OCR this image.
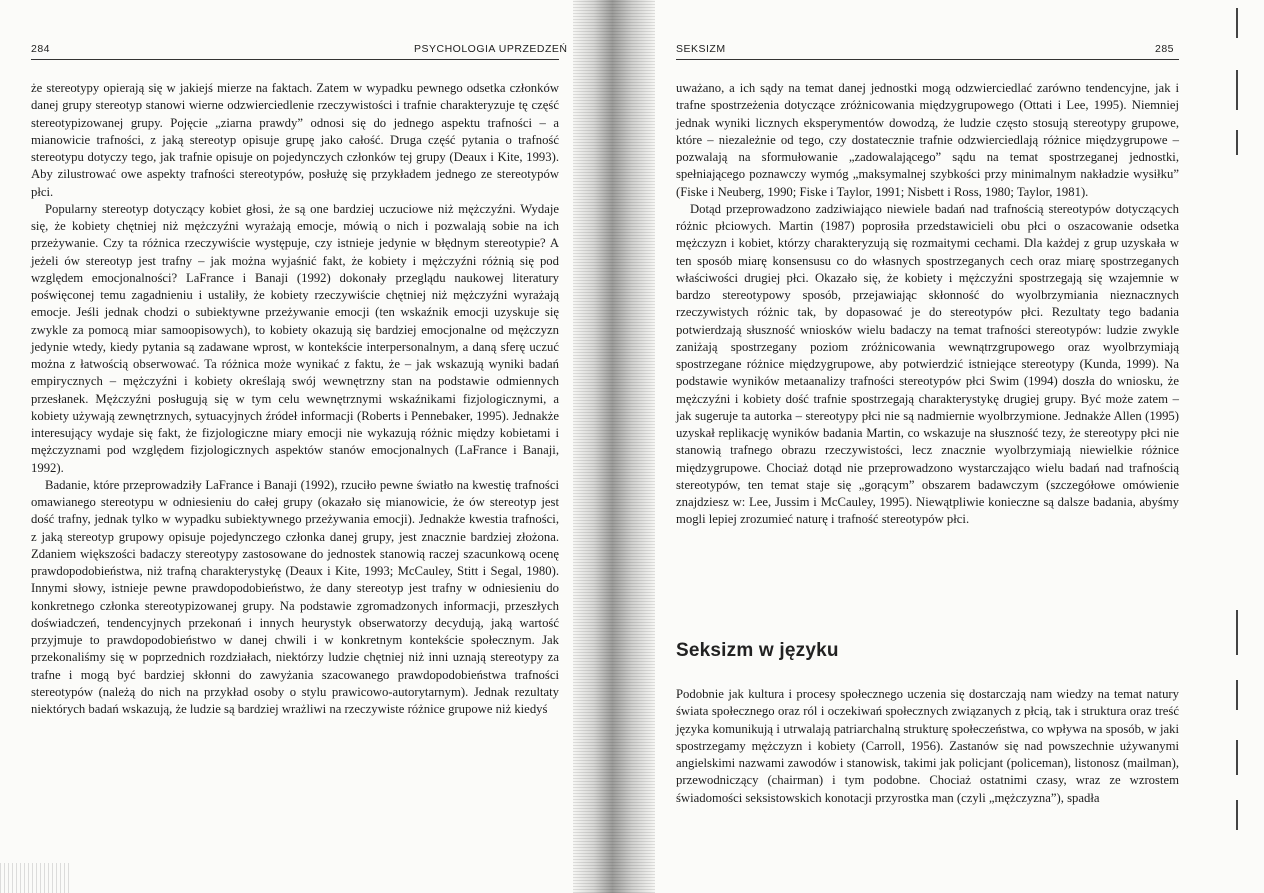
284	PSYCHOLOGIA UPRZEDZEŃ

że stereotypy opierają się w jakiejś mierze na faktach. Zatem w wypadku pewnego odsetka członków danej grupy stereotyp stanowi wierne odzwierciedlenie rzeczywistości i trafnie charakteryzuje tę część stereotypizowanej grupy. Pojęcie „ziarna prawdy” odnosi się do jednego aspektu trafności – a mianowicie trafności, z jaką stereotyp opisuje grupę jako całość. Druga część pytania o trafność stereotypu dotyczy tego, jak trafnie opisuje on pojedynczych członków tej grupy (Deaux i Kite, 1993). Aby zilustrować owe aspekty trafności stereotypów, posłużę się przykładem jednego ze stereotypów płci.

Popularny stereotyp dotyczący kobiet głosi, że są one bardziej uczuciowe niż mężczyźni. Wydaje się, że kobiety chętniej niż mężczyźni wyrażają emocje, mówią o nich i pozwalają sobie na ich przeżywanie. Czy ta różnica rzeczywiście występuje, czy istnieje jedynie w błędnym stereotypie? A jeżeli ów stereotyp jest trafny – jak można wyjaśnić fakt, że kobiety i mężczyźni różnią się pod względem emocjonalności? LaFrance i Banaji (1992) dokonały przeglądu naukowej literatury poświęconej temu zagadnieniu i ustaliły, że kobiety rzeczywiście chętniej niż mężczyźni wyrażają emocje. Jeśli jednak chodzi o subiektywne przeżywanie emocji (ten wskaźnik emocji uzyskuje się zwykle za pomocą miar samoopisowych), to kobiety okazują się bardziej emocjonalne od mężczyzn jedynie wtedy, kiedy pytania są zadawane wprost, w kontekście interpersonalnym, a daną sferę uczuć można z łatwością obserwować. Ta różnica może wynikać z faktu, że – jak wskazują wyniki badań empirycznych – mężczyźni i kobiety określają swój wewnętrzny stan na podstawie odmiennych przesłanek. Mężczyźni posługują się w tym celu wewnętrznymi wskaźnikami fizjologicznymi, a kobiety używają zewnętrznych, sytuacyjnych źródeł informacji (Roberts i Pennebaker, 1995). Jednakże interesujący wydaje się fakt, że fizjologiczne miary emocji nie wykazują różnic między kobietami i mężczyznami pod względem fizjologicznych aspektów stanów emocjonalnych (LaFrance i Banaji, 1992).

Badanie, które przeprowadziły LaFrance i Banaji (1992), rzuciło pewne światło na kwestię trafności omawianego stereotypu w odniesieniu do całej grupy (okazało się mianowicie, że ów stereotyp jest dość trafny, jednak tylko w wypadku subiektywnego przeżywania emocji). Jednakże kwestia trafności, z jaką stereotyp grupowy opisuje pojedynczego członka danej grupy, jest znacznie bardziej złożona. Zdaniem większości badaczy stereotypy zastosowane do jednostek stanowią raczej szacunkową ocenę prawdopodobieństwa, niż trafną charakterystykę (Deaux i Kite, 1993; McCauley, Stitt i Segal, 1980). Innymi słowy, istnieje pewne prawdopodobieństwo, że dany stereotyp jest trafny w odniesieniu do konkretnego członka stereotypizowanej grupy. Na podstawie zgromadzonych informacji, przeszłych doświadczeń, tendencyjnych przekonań i innych heurystyk obserwatorzy decydują, jaką wartość przyjmuje to prawdopodobieństwo w danej chwili i w konkretnym kontekście społecznym. Jak przekonaliśmy się w poprzednich rozdziałach, niektórzy ludzie chętniej niż inni uznają stereotypy za trafne i mogą być bardziej skłonni do zawyżania szacowanego prawdopodobieństwa trafności stereotypów (należą do nich na przykład osoby o stylu prawicowo-autorytarnym). Jednak rezultaty niektórych badań wskazują, że ludzie są bardziej wrażliwi na rzeczywiste różnice grupowe niż kiedyś

SEKSIZM	285

uważano, a ich sądy na temat danej jednostki mogą odzwierciedlać zarówno tendencyjne, jak i trafne spostrzeżenia dotyczące zróżnicowania międzygrupowego (Ottati i Lee, 1995). Niemniej jednak wyniki licznych eksperymentów dowodzą, że ludzie często stosują stereotypy grupowe, które – niezależnie od tego, czy dostatecznie trafnie odzwierciedlają różnice międzygrupowe – pozwalają na sformułowanie „zadowalającego” sądu na temat spostrzeganej jednostki, spełniającego poznawczy wymóg „maksymalnej szybkości przy minimalnym nakładzie wysiłku” (Fiske i Neuberg, 1990; Fiske i Taylor, 1991; Nisbett i Ross, 1980; Taylor, 1981).

Dotąd przeprowadzono zadziwiająco niewiele badań nad trafnością stereotypów dotyczących różnic płciowych. Martin (1987) poprosiła przedstawicieli obu płci o oszacowanie odsetka mężczyzn i kobiet, którzy charakteryzują się rozmaitymi cechami. Dla każdej z grup uzyskała w ten sposób miarę konsensusu co do własnych spostrzeganych cech oraz miarę spostrzeganych właściwości drugiej płci. Okazało się, że kobiety i mężczyźni spostrzegają się wzajemnie w bardzo stereotypowy sposób, przejawiając skłonność do wyolbrzymiania nieznacznych rzeczywistych różnic tak, by dopasować je do stereotypów płci. Rezultaty tego badania potwierdzają słuszność wniosków wielu badaczy na temat trafności stereotypów: ludzie zwykle zaniżają spostrzegany poziom zróżnicowania wewnątrzgrupowego oraz wyolbrzymiają spostrzegane różnice międzygrupowe, aby potwierdzić istniejące stereotypy (Kunda, 1999). Na podstawie wyników metaanalizy trafności stereotypów płci Swim (1994) doszła do wniosku, że mężczyźni i kobiety dość trafnie spostrzegają charakterystykę drugiej grupy. Być może zatem – jak sugeruje ta autorka – stereotypy płci nie są nadmiernie wyolbrzymione. Jednakże Allen (1995) uzyskał replikację wyników badania Martin, co wskazuje na słuszność tezy, że stereotypy płci nie stanowią trafnego obrazu rzeczywistości, lecz znacznie wyolbrzymiają niewielkie różnice międzygrupowe. Chociaż dotąd nie przeprowadzono wystarczająco wielu badań nad trafnością stereotypów, ten temat staje się „gorącym” obszarem badawczym (szczegółowe omówienie znajdziesz w: Lee, Jussim i McCauley, 1995). Niewątpliwie konieczne są dalsze badania, abyśmy mogli lepiej zrozumieć naturę i trafność stereotypów płci.

Seksizm w języku

Podobnie jak kultura i procesy społecznego uczenia się dostarczają nam wiedzy na temat natury świata społecznego oraz ról i oczekiwań społecznych związanych z płcią, tak i struktura oraz treść języka komunikują i utrwalają patriarchalną strukturę społeczeństwa, co wpływa na sposób, w jaki spostrzegamy mężczyzn i kobiety (Carroll, 1956). Zastanów się nad powszechnie używanymi angielskimi nazwami zawodów i stanowisk, takimi jak policjant (policeman), listonosz (mailman), przewodniczący (chairman) i tym podobne. Chociaż ostatnimi czasy, wraz ze wzrostem świadomości seksistowskich konotacji przyrostka man (czyli „mężczyzna”), spadła
